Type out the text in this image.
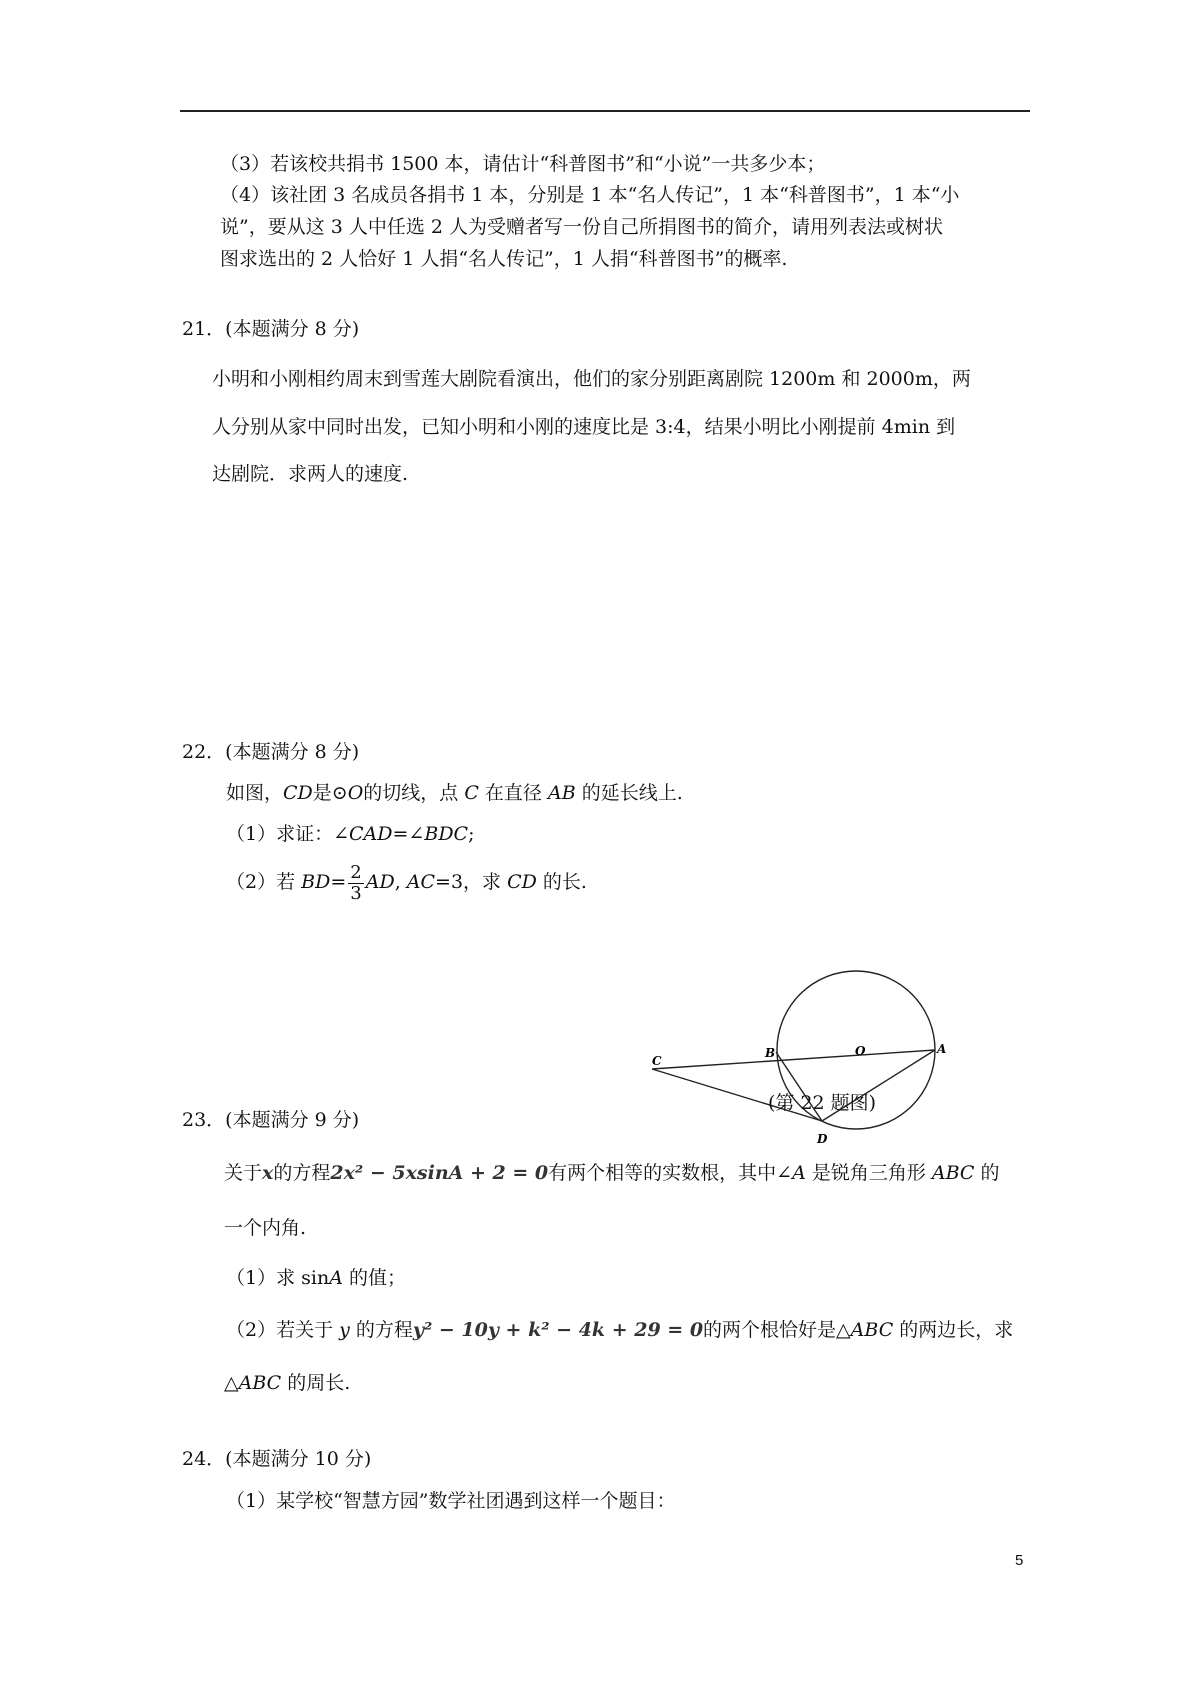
（3）若该校共捐书 1500 本，请估计“科普图书”和“小说”一共多少本；
（4）该社团 3 名成员各捐书 1 本，分别是 1 本“名人传记”，1 本“科普图书”，1 本“小
说”，要从这 3 人中任选 2 人为受赠者写一份自己所捐图书的简介，请用列表法或树状
图求选出的 2 人恰好 1 人捐“名人传记”，1 人捐“科普图书”的概率.
21．(本题满分 8 分)
小明和小刚相约周末到雪莲大剧院看演出，他们的家分别距离剧院 1200m 和 2000m，两
人分别从家中同时出发，已知小明和小刚的速度比是 3:4，结果小明比小刚提前 4min 到
达剧院．求两人的速度.
22．(本题满分 8 分)
如图，CD是⊙O的切线，点 C 在直径 AB 的延长线上.
（1）求证：∠CAD=∠BDC;
（2）若 $BD= \frac{2}{3}$ AD, AC=3，求 CD 的长.
C
B	O	A
D
(第 22 题图)
23．(本题满分 9 分)
关于x的方程2x² − 5xsinA + 2 = 0有两个相等的实数根，其中∠A 是锐角三角形 ABC 的
一个内角.
（1）求 sinA 的值；
（2）若关于 y 的方程y² − 10y + k² − 4k + 29 = 0的两个根恰好是△ABC 的两边长，求
△ABC 的周长.
24．(本题满分 10 分)
（1）某学校“智慧方园”数学社团遇到这样一个题目：
5
